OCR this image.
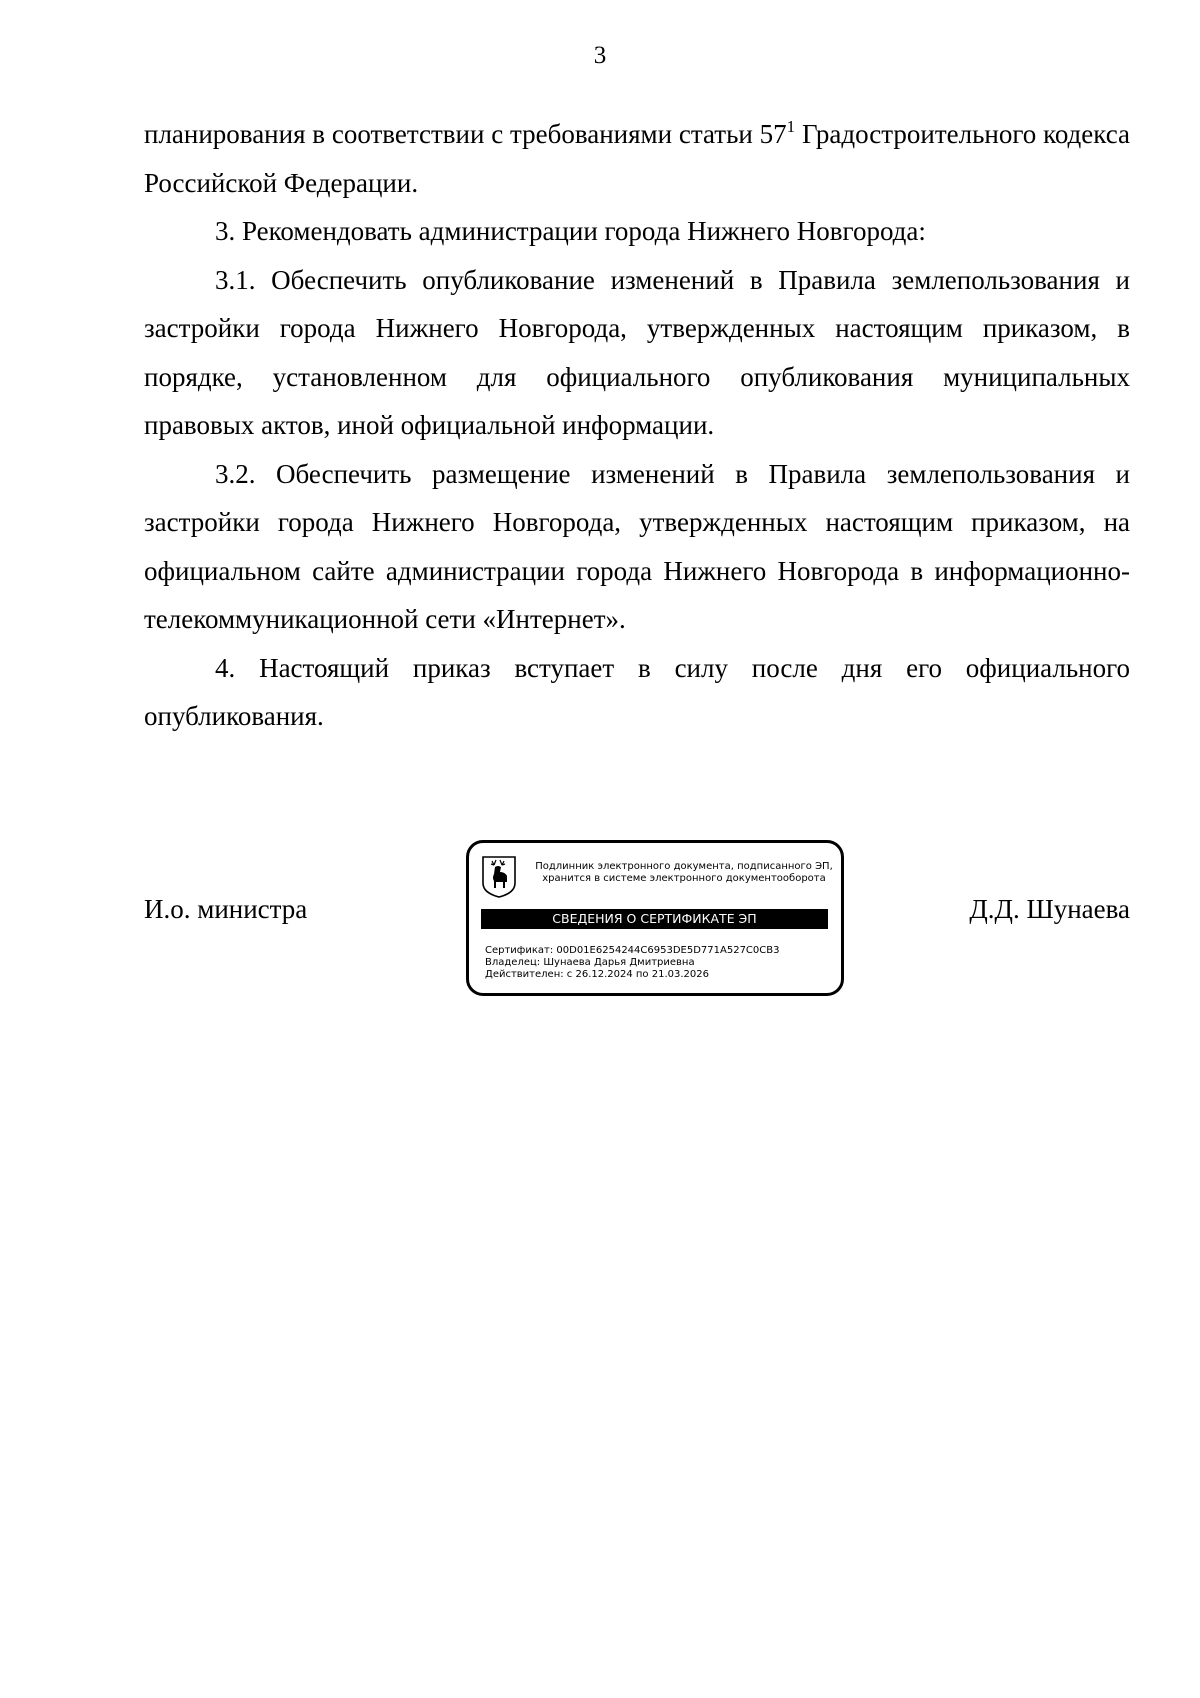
3

планирования в соответствии с требованиями статьи $57^1$ Градостроительного кодекса Российской Федерации.

3. Рекомендовать администрации города Нижнего Новгорода:

3.1. Обеспечить опубликование изменений в Правила землепользования и застройки города Нижнего Новгорода, утвержденных настоящим приказом, в порядке, установленном для официального опубликования муниципальных правовых актов, иной официальной информации.

3.2. Обеспечить размещение изменений в Правила землепользования и застройки города Нижнего Новгорода, утвержденных настоящим приказом, на официальном сайте администрации города Нижнего Новгорода в информационно-телекоммуникационной сети «Интернет».

4. Настоящий приказ вступает в силу после дня его официального опубликования.

И.о. министра	Д.Д. Шунаева
Подлинник электронного документа, подписанного ЭП,
хранится в системе электронного документооборота
СВЕДЕНИЯ О СЕРТИФИКАТЕ ЭП
Сертификат: 00D01E6254244C6953DE5D771A527C0CB3
Владелец: Шунаева Дарья Дмитриевна
Действителен: с 26.12.2024 по 21.03.2026
